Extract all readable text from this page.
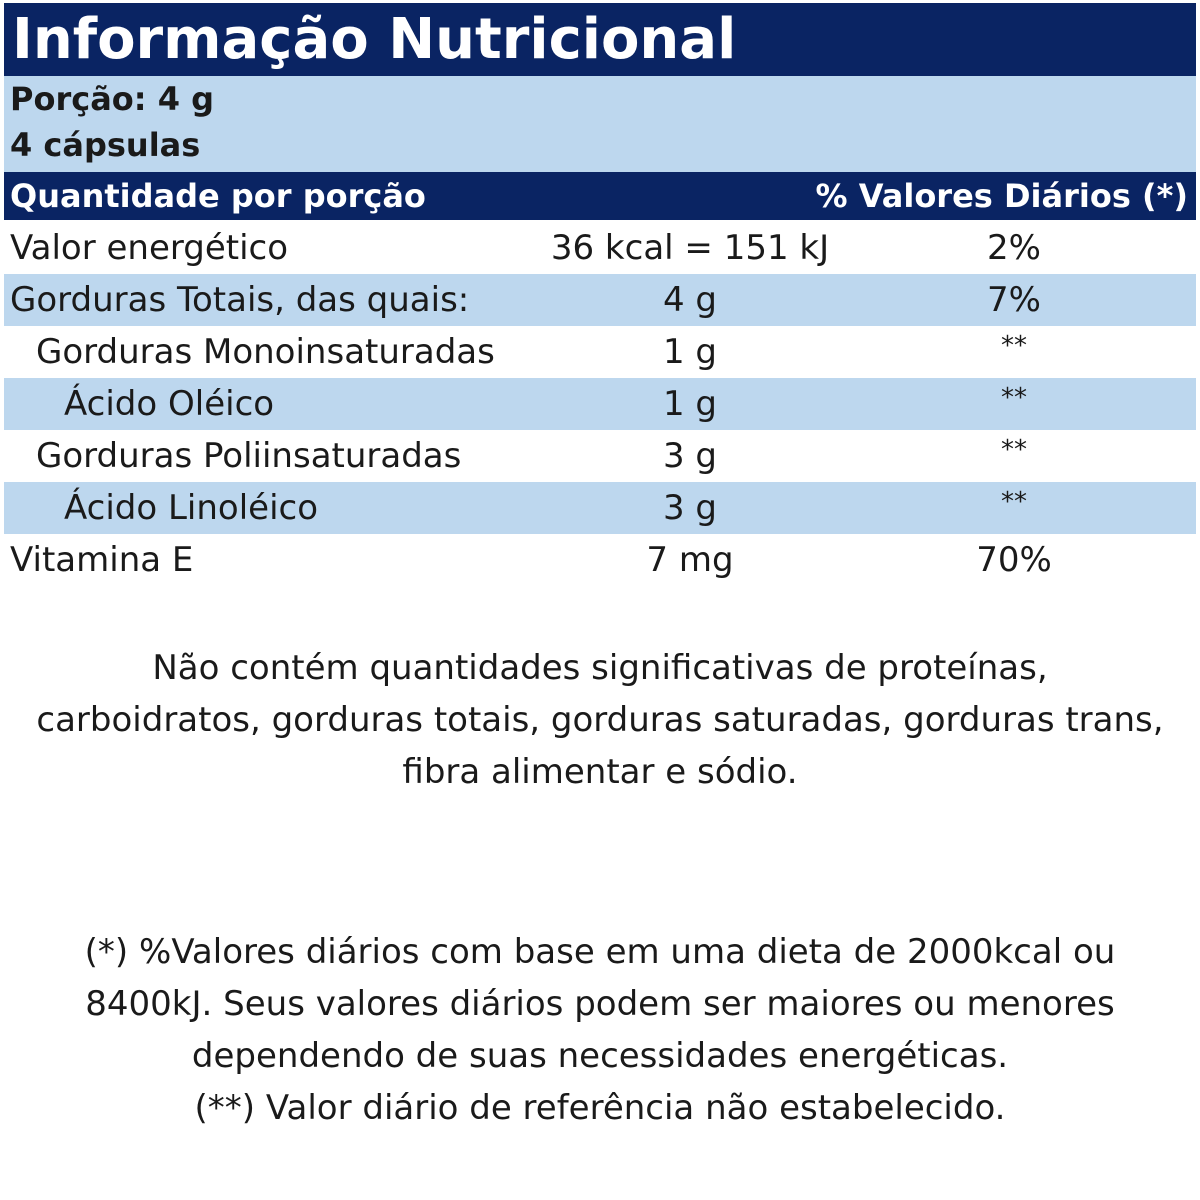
Informação Nutricional
Porção: 4 g
4 cápsulas
Quantidade por porção	% Valores Diários (*)
Valor energético	36 kcal = 151 kJ	2%
Gorduras Totais, das quais:	4 g	7%
Gorduras Monoinsaturadas	1 g	**
Ácido Oléico	1 g	**
Gorduras Poliinsaturadas	3 g	**
Ácido Linoléico	3 g	**
Vitamina E	7 mg	70%

Não contém quantidades significativas de proteínas,

carboidratos, gorduras totais, gorduras saturadas, gorduras trans,

fibra alimentar e sódio.

(*) %Valores diários com base em uma dieta de 2000kcal ou

8400kJ. Seus valores diários podem ser maiores ou menores

dependendo de suas necessidades energéticas.

(**) Valor diário de referência não estabelecido.
